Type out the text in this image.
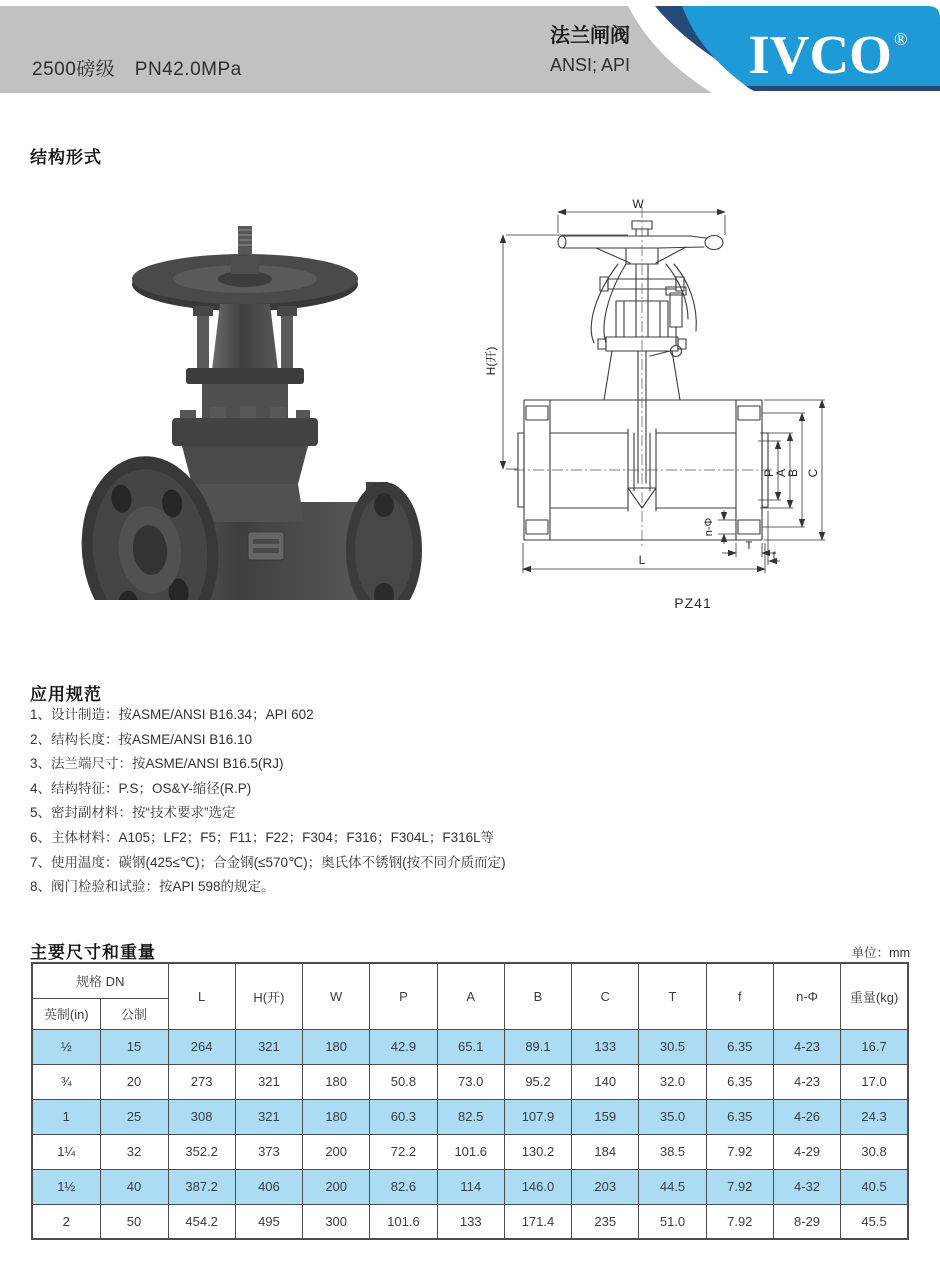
2500磅级　PN42.0MPa
法兰闸阀
ANSI; API	IVCO ®
结构形式
W
H(开)
P
A
B C
n-Φ
T
f
L
PZ41
应用规范
1、设计制造：按ASME/ANSI B16.34；API 602
2、结构长度：按ASME/ANSI B16.10
3、法兰端尺寸：按ASME/ANSI B16.5(RJ)
4、结构特征：P.S；OS&Y-缩径(R.P)
5、密封副材料：按“技术要求”选定
6、主体材料：A105；LF2；F5；F11；F22；F304；F316；F304L；F316L等
7、使用温度：碳钢(425≤℃)；合金钢(≤570℃)；奥氏体不锈钢(按不同介质而定)
8、阀门检验和试验：按API 598的规定。
主要尺寸和重量	单位：mm
规格 DN		L	H(开)	W	P	A	B	C	T	f	n-Φ	重量(kg)
英制(in)	公制											
½	15	264	321	180	42.9	65.1	89.1	133	30.5	6.35	4-23	16.7
¾	20	273	321	180	50.8	73.0	95.2	140	32.0	6.35	4-23	17.0
1	25	308	321	180	60.3	82.5	107.9	159	35.0	6.35	4-26	24.3
1¼	32	352.2	373	200	72.2	101.6	130.2	184	38.5	7.92	4-29	30.8
1½	40	387.2	406	200	82.6	114	146.0	203	44.5	7.92	4-32	40.5
2	50	454.2	495	300	101.6	133	171.4	235	51.0	7.92	8-29	45.5
